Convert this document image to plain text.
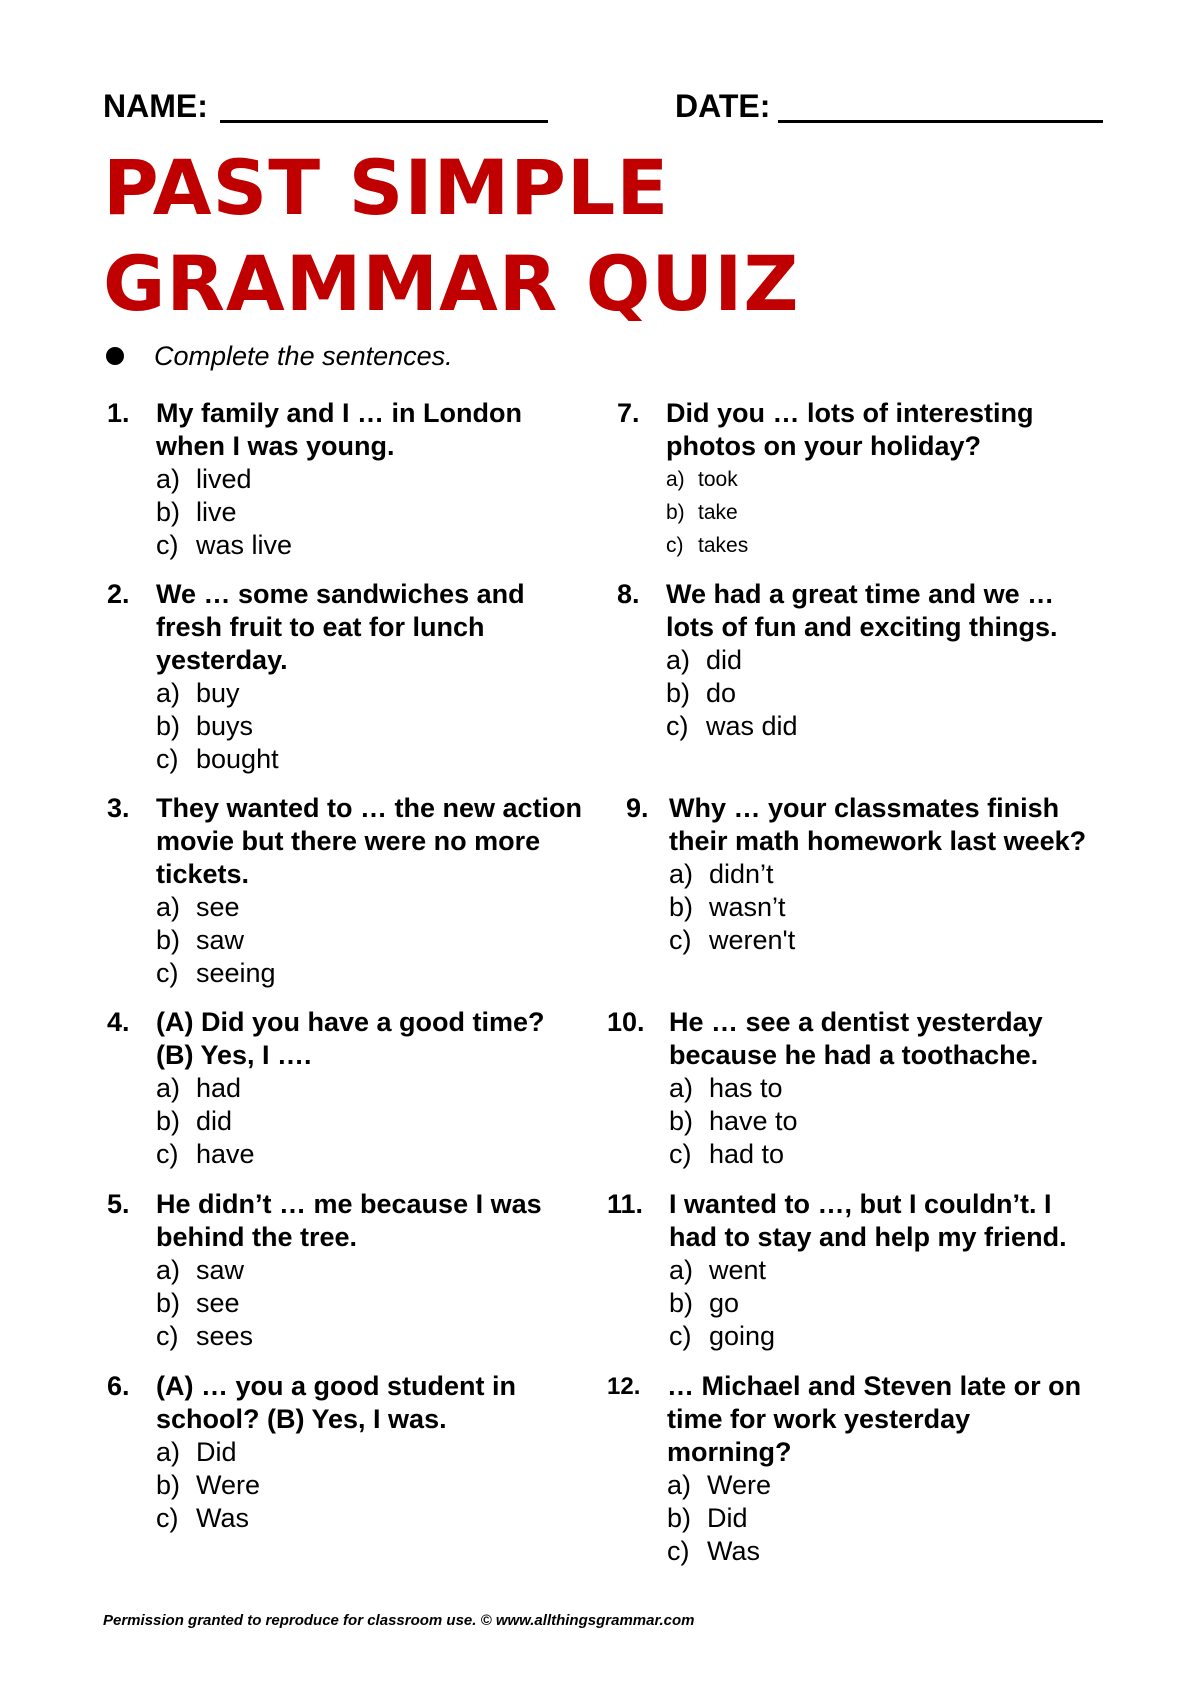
NAME:	DATE:
PAST SIMPLE GRAMMAR QUIZ
Complete the sentences.
1. My family and I … in London when I was young.
a) lived
b) live
c) was live
2. We … some sandwiches and fresh fruit to eat for lunch yesterday.
a) buy
b) buys
c) bought
3. They wanted to … the new action movie but there were no more tickets.
a) see
b) saw
c) seeing
4. (A) Did you have a good time? (B) Yes, I ….
a) had
b) did
c) have
5. He didn’t … me because I was behind the tree.
a) saw
b) see
c) sees
6. (A) … you a good student in school? (B) Yes, I was.
a) Did
b) Were
c) Was
7. Did you … lots of interesting photos on your holiday?
a) took
b) take
c) takes
8. We had a great time and we … lots of fun and exciting things.
a) did
b) do
c) was did
9. Why … your classmates finish their math homework last week?
a) didn’t
b) wasn’t
c) weren't
10. He … see a dentist yesterday because he had a toothache.
a) has to
b) have to
c) had to
11. I wanted to …, but I couldn’t. I had to stay and help my friend.
a) went
b) go
c) going
12. … Michael and Steven late or on time for work yesterday morning?
a) Were
b) Did
c) Was
Permission granted to reproduce for classroom use. © www.allthingsgrammar.com
